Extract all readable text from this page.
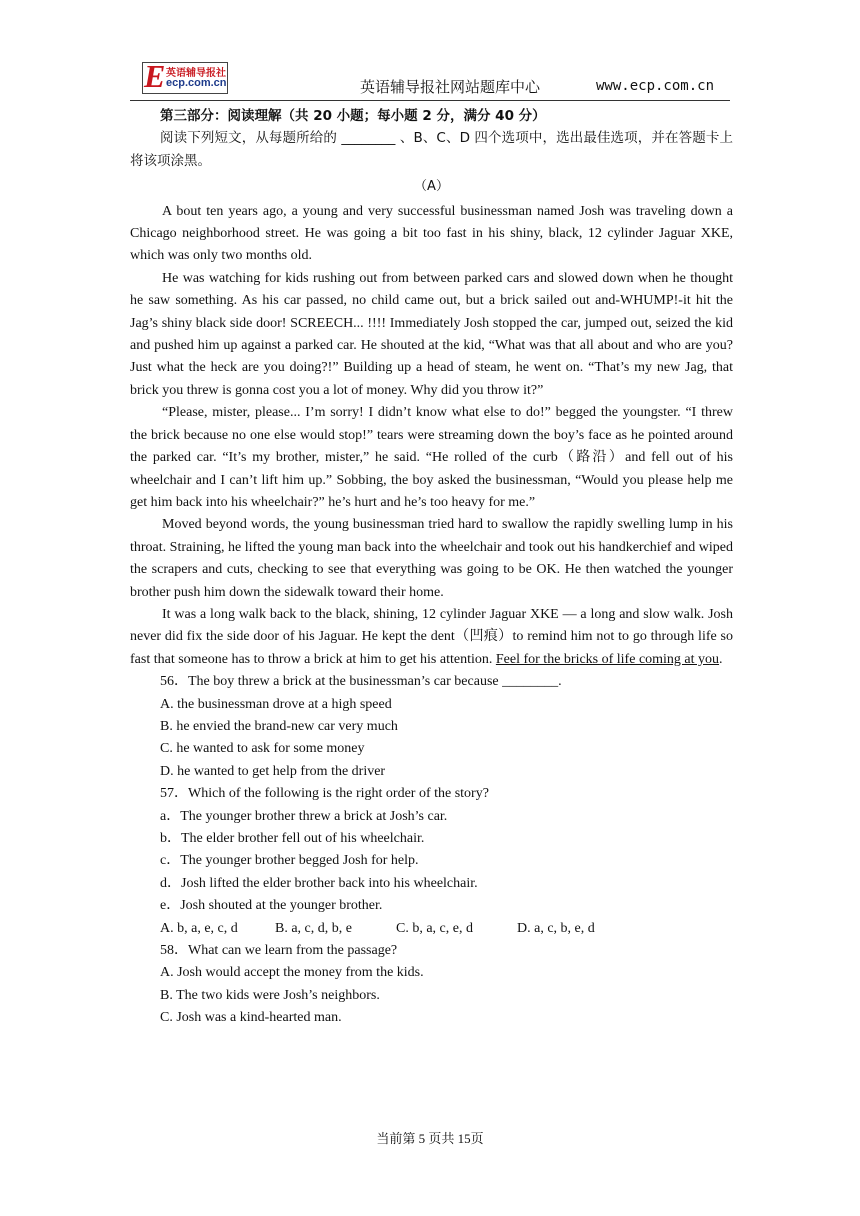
E 英语辅导报社
ecp.com.cn	英语辅导报社网站题库中心	www.ecp.com.cn
第三部分：阅读理解（共 20 小题；每小题 2 分，满分 40 分）
阅读下列短文，从每题所给的 ________ 、B、C、D 四个选项中，选出最佳选项，并在答题卡上将该项涂黑。
（A）

A bout ten years ago, a young and very successful businessman named Josh was traveling down a Chicago neighborhood street. He was going a bit too fast in his shiny, black, 12 cylinder Jaguar XKE, which was only two months old.

He was watching for kids rushing out from between parked cars and slowed down when he thought he saw something. As his car passed, no child came out, but a brick sailed out and-WHUMP!-it hit the Jag’s shiny black side door! SCREECH... !!!! Immediately Josh stopped the car, jumped out, seized the kid and pushed him up against a parked car. He shouted at the kid, “What was that all about and who are you? Just what the heck are you doing?!” Building up a head of steam, he went on. “That’s my new Jag, that brick you threw is gonna cost you a lot of money. Why did you throw it?”

“Please, mister, please... I’m sorry! I didn’t know what else to do!” begged the youngster. “I threw the brick because no one else would stop!” tears were streaming down the boy’s face as he pointed around the parked car. “It’s my brother, mister,” he said. “He rolled of the curb（路沿）and fell out of his wheelchair and I can’t lift him up.” Sobbing, the boy asked the businessman, “Would you please help me get him back into his wheelchair?” he’s hurt and he’s too heavy for me.”

Moved beyond words, the young businessman tried hard to swallow the rapidly swelling lump in his throat. Straining, he lifted the young man back into the wheelchair and took out his handkerchief and wiped the scrapers and cuts, checking to see that everything was going to be OK. He then watched the younger brother push him down the sidewalk toward their home.

It was a long walk back to the black, shining, 12 cylinder Jaguar XKE — a long and slow walk. Josh never did fix the side door of his Jaguar. He kept the dent（凹痕）to remind him not to go through life so fast that someone has to throw a brick at him to get his attention. Feel for the bricks of life coming at you.

56．The boy threw a brick at the businessman’s car because ________.

A. the businessman drove at a high speed

B. he envied the brand-new car very much

C. he wanted to ask for some money

D. he wanted to get help from the driver

57．Which of the following is the right order of the story?

a．The younger brother threw a brick at Josh’s car.

b．The elder brother fell out of his wheelchair.

c．The younger brother begged Josh for help.

d．Josh lifted the elder brother back into his wheelchair.

e．Josh shouted at the younger brother.

A. b, a, e, c, d	B. a, c, d, b, e	C. b, a, c, e, d	D. a, c, b, e, d

58．What can we learn from the passage?

A. Josh would accept the money from the kids.

B. The two kids were Josh’s neighbors.

C. Josh was a kind-hearted man.

当前第 5 页共 15页
